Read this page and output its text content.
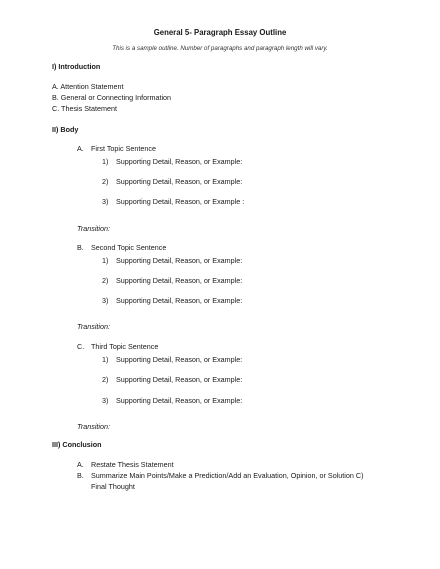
General 5- Paragraph Essay Outline
This is a sample outline. Number of paragraphs and paragraph length will vary.
I) Introduction
A. Attention Statement
B. General or Connecting Information
C. Thesis Statement
II) Body
A. First Topic Sentence
1) Supporting Detail, Reason, or Example:
2) Supporting Detail, Reason, or Example:
3) Supporting Detail, Reason, or Example :
Transition:
B. Second Topic Sentence
1) Supporting Detail, Reason, or Example:
2) Supporting Detail, Reason, or Example:
3) Supporting Detail, Reason, or Example:
Transition:
C. Third Topic Sentence
1) Supporting Detail, Reason, or Example:
2) Supporting Detail, Reason, or Example:
3) Supporting Detail, Reason, or Example:
Transition:
III) Conclusion
A. Restate Thesis Statement
B. Summarize Main Points/Make a Prediction/Add an Evaluation, Opinion, or Solution C)
Final Thought
